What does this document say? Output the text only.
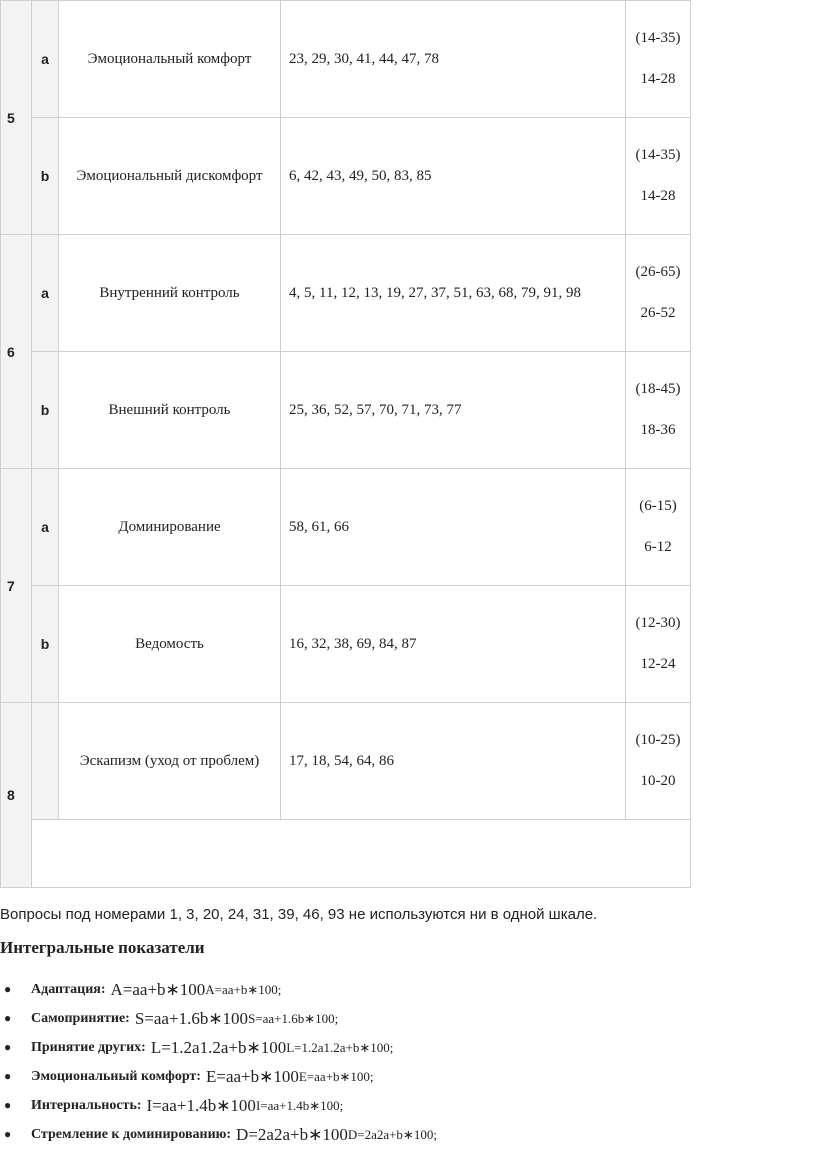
5	a	Эмоциональный комфорт	23, 29, 30, 41, 44, 47, 78	(14-35)
14-28

	b	Эмоциональный дискомфорт	6, 42, 43, 49, 50, 83, 85	(14-35)
14-28

6	a	Внутренний контроль	4, 5, 11, 12, 13, 19, 27, 37, 51, 63, 68, 79, 91, 98	(26-65)
26-52

	b	Внешний контроль	25, 36, 52, 57, 70, 71, 73, 77	(18-45)
18-36

7	a	Доминирование	58, 61, 66	(6-15)
6-12

	b	Ведомость	16, 32, 38, 69, 84, 87	(12-30)
12-24

8		Эскапизм (уход от проблем)	17, 18, 54, 64, 86	(10-25)
10-20

Вопросы под номерами 1, 3, 20, 24, 31, 39, 46, 93 не используются ни в одной шкале.
Интегральные показатели
●	Адаптация: A=aa+b∗100 A=aa+b∗100;
●	Самопринятие: S=aa+1.6b∗100 S=aa+1.6b∗100;
●	Принятие других: L=1.2a1.2a+b∗100 L=1.2a1.2a+b∗100;
●	Эмоциональный комфорт: E=aa+b∗100 E=aa+b∗100;
●	Интернальность: I=aa+1.4b∗100 I=aa+1.4b∗100;
●	Стремление к доминированию: D=2a2a+b∗100 D=2a2a+b∗100;
